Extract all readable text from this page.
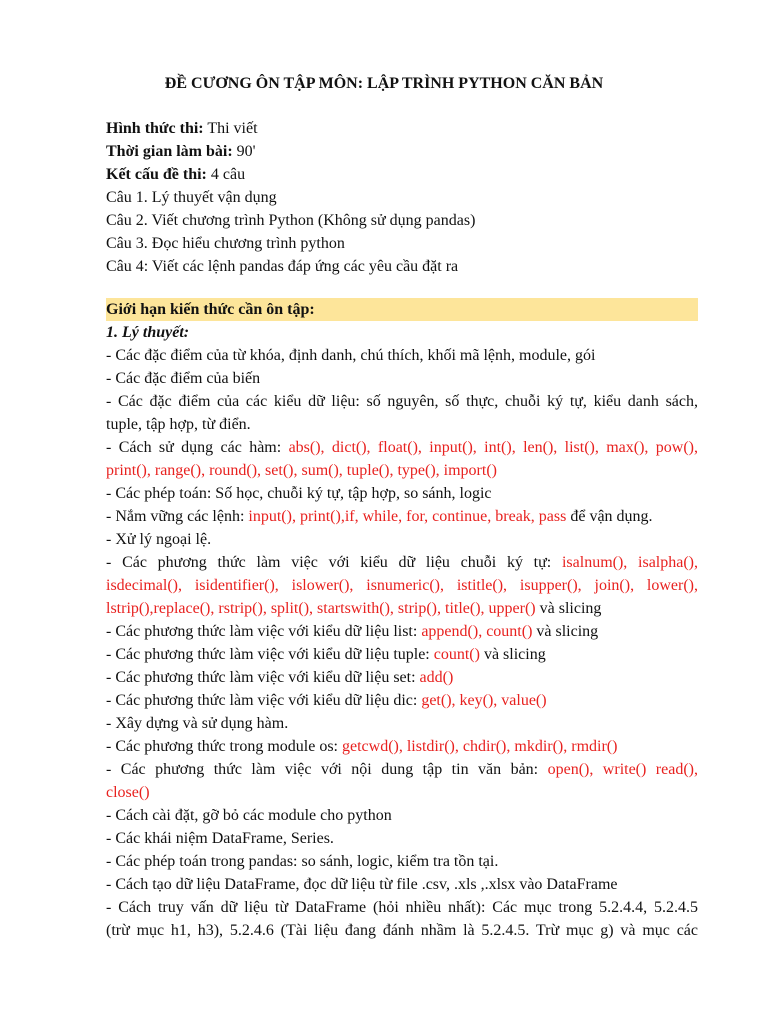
ĐỀ CƯƠNG ÔN TẬP MÔN: LẬP TRÌNH PYTHON CĂN BẢN
Hình thức thi: Thi viết
Thời gian làm bài: 90'
Kết cấu đề thi: 4 câu
Câu 1. Lý thuyết vận dụng
Câu 2. Viết chương trình Python (Không sử dụng pandas)
Câu 3. Đọc hiểu chương trình python
Câu 4: Viết các lệnh pandas đáp ứng các yêu cầu đặt ra
Giới hạn kiến thức cần ôn tập:
1. Lý thuyết:
- Các đặc điểm của từ khóa, định danh, chú thích, khối mã lệnh, module, gói
- Các đặc điểm của biến
- Các đặc điểm của các kiểu dữ liệu: số nguyên, số thực, chuỗi ký tự, kiểu danh sách,
tuple, tập hợp, từ điển.
- Cách sử dụng các hàm: abs(), dict(), float(), input(), int(), len(), list(), max(), pow(),
print(), range(), round(), set(), sum(), tuple(), type(), import()
- Các phép toán: Số học, chuỗi ký tự, tập hợp, so sánh, logic
- Nắm vững các lệnh: input(), print(),if, while, for, continue, break, pass để vận dụng.
- Xử lý ngoại lệ.
- Các phương thức làm việc với kiểu dữ liệu chuỗi ký tự: isalnum(), isalpha(),
isdecimal(), isidentifier(), islower(), isnumeric(), istitle(), isupper(), join(), lower(),
lstrip(),replace(), rstrip(), split(), startswith(), strip(), title(), upper() và slicing
- Các phương thức làm việc với kiểu dữ liệu list: append(), count() và slicing
- Các phương thức làm việc với kiểu dữ liệu tuple: count() và slicing
- Các phương thức làm việc với kiểu dữ liệu set: add()
- Các phương thức làm việc với kiểu dữ liệu dic: get(), key(), value()
- Xây dựng và sử dụng hàm.
- Các phương thức trong module os: getcwd(), listdir(), chdir(), mkdir(), rmdir()
- Các phương thức làm việc với nội dung tập tin văn bản: open(), write() read(),
close()
- Cách cài đặt, gỡ bỏ các module cho python
- Các khái niệm DataFrame, Series.
- Các phép toán trong pandas: so sánh, logic, kiểm tra tồn tại.
- Cách tạo dữ liệu DataFrame, đọc dữ liệu từ file .csv, .xls ,.xlsx vào DataFrame
- Cách truy vấn dữ liệu từ DataFrame (hỏi nhiều nhất): Các mục trong 5.2.4.4, 5.2.4.5
(trừ mục h1, h3), 5.2.4.6 (Tài liệu đang đánh nhầm là 5.2.4.5. Trừ mục g) và mục các
